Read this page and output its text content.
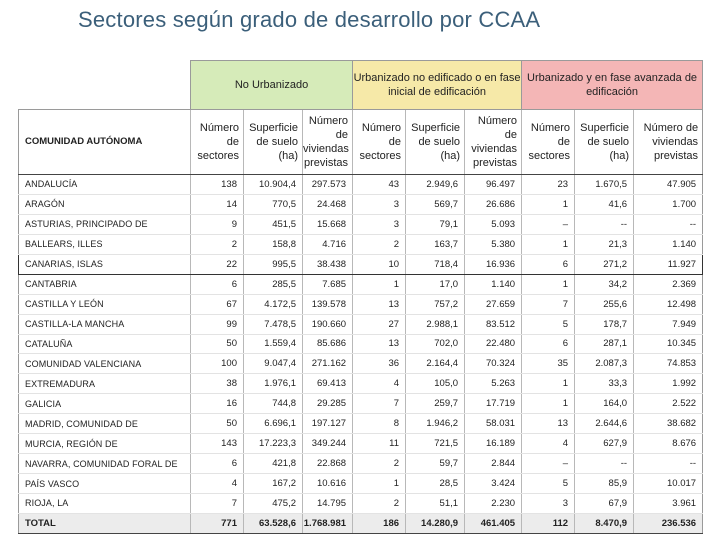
Sectores según grado de desarrollo por CCAA
	No Urbanizado			Urbanizado no edificado o en fase inicial de edificación			Urbanizado y en fase avanzada de edificación		
COMUNIDAD AUTÓNOMA	Número de sectores	Superficie de suelo (ha)	Número de viviendas previstas	Número de sectores	Superficie de suelo (ha)	Número de viviendas previstas	Número de sectores	Superficie de suelo (ha)	Número de viviendas previstas
ANDALUCÍA	138	10.904,4	297.573	43	2.949,6	96.497	23	1.670,5	47.905
ARAGÓN	14	770,5	24.468	3	569,7	26.686	1	41,6	1.700
ASTURIAS, PRINCIPADO DE	9	451,5	15.668	3	79,1	5.093	–	--	--
BALLEARS, ILLES	2	158,8	4.716	2	163,7	5.380	1	21,3	1.140
CANARIAS, ISLAS	22	995,5	38.438	10	718,4	16.936	6	271,2	11.927
CANTABRIA	6	285,5	7.685	1	17,0	1.140	1	34,2	2.369
CASTILLA Y LEÓN	67	4.172,5	139.578	13	757,2	27.659	7	255,6	12.498
CASTILLA-LA MANCHA	99	7.478,5	190.660	27	2.988,1	83.512	5	178,7	7.949
CATALUÑA	50	1.559,4	85.686	13	702,0	22.480	6	287,1	10.345
COMUNIDAD VALENCIANA	100	9.047,4	271.162	36	2.164,4	70.324	35	2.087,3	74.853
EXTREMADURA	38	1.976,1	69.413	4	105,0	5.263	1	33,3	1.992
GALICIA	16	744,8	29.285	7	259,7	17.719	1	164,0	2.522
MADRID, COMUNIDAD DE	50	6.696,1	197.127	8	1.946,2	58.031	13	2.644,6	38.682
MURCIA, REGIÓN DE	143	17.223,3	349.244	11	721,5	16.189	4	627,9	8.676
NAVARRA, COMUNIDAD FORAL DE	6	421,8	22.868	2	59,7	2.844	–	--	--
PAÍS VASCO	4	167,2	10.616	1	28,5	3.424	5	85,9	10.017
RIOJA, LA	7	475,2	14.795	2	51,1	2.230	3	67,9	3.961
TOTAL	771	63.528,6	1.768.981	186	14.280,9	461.405	112	8.470,9	236.536
